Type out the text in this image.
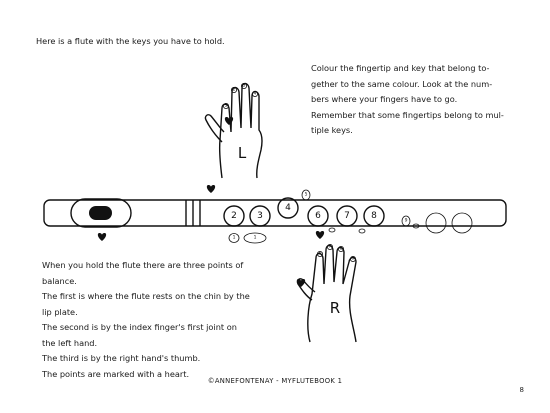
Here is a flute with the keys you have to hold.
Colour the fingertip and key that belong to-
gether to the same colour. Look at the num-
bers where your fingers have to go.
Remember that some fingertips belong to mul-
tiple keys.
2
3
4
5
L
2 3
4
5
6	7 8	9
1	1
6
7 8
9
R
When you hold the flute there are three points of
balance.
The first is where the flute rests on the chin by the
lip plate.
The second is by the index finger's first joint on
the left hand.
The third is by the right hand's thumb.
The points are marked with a heart.
©ANNEFONTENAY - MYFLUTEBOOK 1
8
